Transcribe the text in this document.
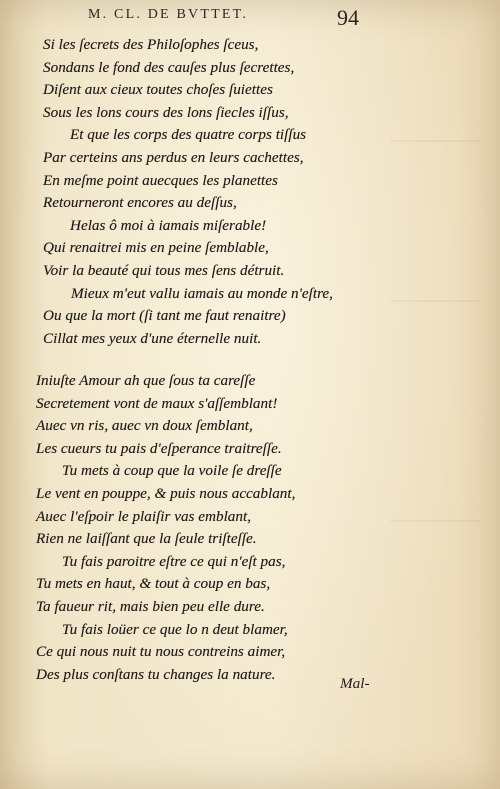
M. CL. DE BVTTET.	94
Si les ſecrets des Philoſophes ſceus,
Sondans le fond des cauſes plus ſecrettes,
Diſent aux cieux toutes choſes ſuiettes
Sous les lons cours des lons ſiecles iſſus,
Et que les corps des quatre corps tiſſus
Par certeins ans perdus en leurs cachettes,
En meſme point auecques les planettes
Retourneront encores au deſſus,
Helas ô moi à iamais miſerable!
Qui renaitrei mis en peine ſemblable,
Voir la beauté qui tous mes ſens détruit.
Mieux m'eut vallu iamais au monde n'eſtre,
Ou que la mort (ſi tant me faut renaitre)
Cillat mes yeux d'une éternelle nuit.
Iniuſte Amour ah que ſous ta careſſe
Secretement vont de maux s'aſſemblant!
Auec vn ris, auec vn doux ſemblant,
Les cueurs tu pais d'eſperance traitreſſe.
Tu mets à coup que la voile ſe dreſſe
Le vent en pouppe, & puis nous accablant,
Auec l'eſpoir le plaiſir vas emblant,
Rien ne laiſſant que la ſeule triſteſſe.
Tu fais paroitre eſtre ce qui n'eſt pas,
Tu mets en haut, & tout à coup en bas,
Ta faueur rit, mais bien peu elle dure.
Tu fais loüer ce que lo n deut blamer,
Ce qui nous nuit tu nous contreins aimer,
Des plus conſtans tu changes la nature.
Mal-
